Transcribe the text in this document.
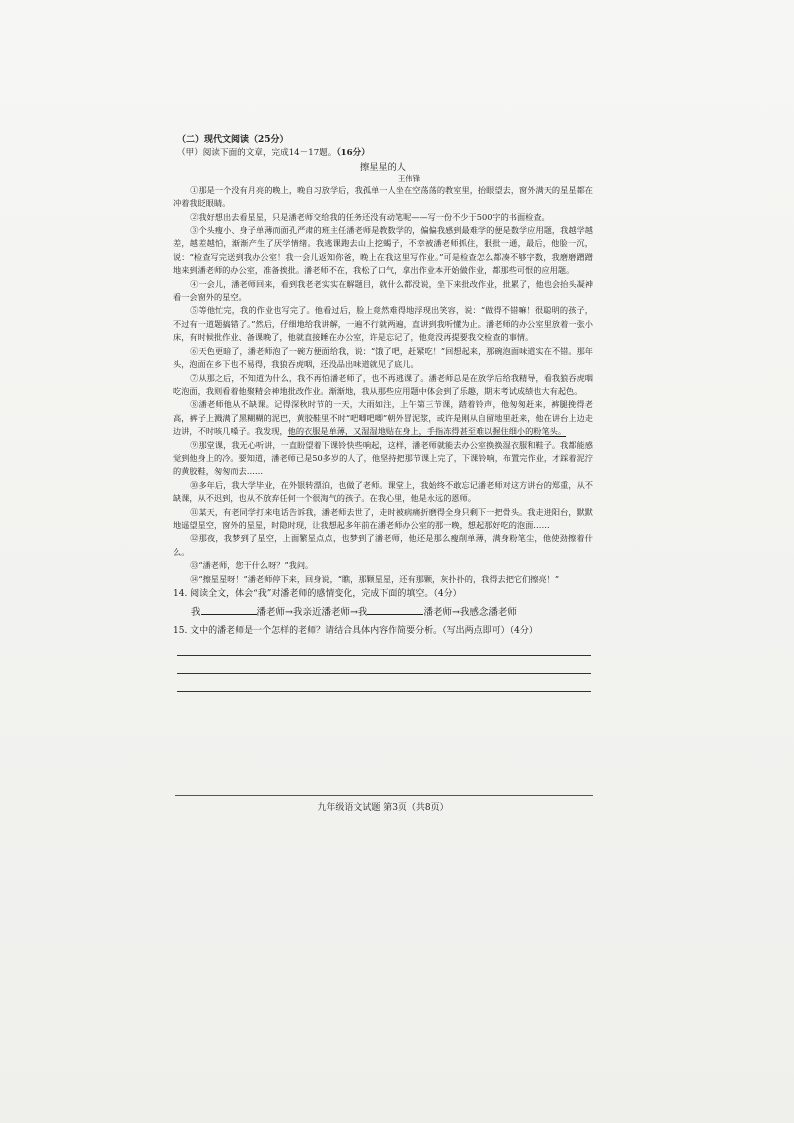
（二）现代文阅读（25分）
（甲）阅读下面的文章，完成14－17题。（16分）
擦星星的人
王伟锋

①那是一个没有月亮的晚上，晚自习放学后，我孤单一人坐在空荡荡的教室里，抬眼望去，窗外满天的星星都在冲着我眨眼睛。

②我好想出去看星星，只是潘老师交给我的任务还没有动笔呢——写一份不少于500字的书面检查。

③个头瘦小、身子单薄而面孔严肃的班主任潘老师是教数学的，偏偏我感到最难学的便是数学应用题，我越学越差，越差越怕，渐渐产生了厌学情绪。我逃课跑去山上挖蝎子，不幸被潘老师抓住，狠批一通，最后，他脸一沉，说：“检查写完送到我办公室！我一会儿返知你爸，晚上在我这里写作业。”可是检查怎么都凑不够字数，我磨磨蹭蹭地来到潘老师的办公室，准备挨批。潘老师不在，我松了口气，拿出作业本开始做作业，都那些可恨的应用题。

④一会儿，潘老师回来，看到我老老实实在解题目，就什么都没说，坐下来批改作业，批累了，他也会抬头凝神看一会窗外的星空。

⑤等他忙完，我的作业也写完了。他看过后，脸上竟然难得地浮现出笑容，说：“做得不错嘛！很聪明的孩子，不过有一道题搞错了。”然后，仔细地给我讲解，一遍不行就两遍，直讲到我听懂为止。潘老师的办公室里放着一张小床，有时候批作业、备课晚了，他就直接睡在办公室，许是忘记了，他竟没再提要我交检查的事情。

⑥天色更暗了，潘老师泡了一碗方便面给我，说：“饿了吧，赶紧吃！”回想起来，那碗泡面味道实在不错。那年头，泡面在乡下也不易得，我狼吞虎咽，还没品出味道就见了底儿。

⑦从那之后，不知道为什么，我不再怕潘老师了，也不再逃课了。潘老师总是在放学后给我精导，看我狼吞虎咽吃泡面，我则看着他聚精会神地批改作业。渐渐地，我从那些应用题中体会到了乐趣，期末考试成绩也大有起色。

⑧潘老师他从不缺课。记得深秋时节的一天，大雨如注，上午第三节课，踏着铃声，他匆匆赶来，裤腿挽得老高，裤子上溅满了黑糊糊的泥巴，黄胶鞋里不时“吧唧吧唧”朝外冒泥浆，或许是刚从自留地里赶来，他在讲台上边走边讲，不时咳几嗓子。我发现，他的衣服是单薄，又湿湿地贴在身上，手指冻得甚至难以握住细小的粉笔头。

⑨那堂课，我无心听讲，一直盼望着下课铃快些响起，这样，潘老师就能去办公室换换湿衣服和鞋子。我都能感觉到他身上的冷。要知道，潘老师已是50多岁的人了，他坚持把那节课上完了，下课铃响，布置完作业，才踩着泥泞的黄胶鞋，匆匆而去……

⑩多年后，我大学毕业，在外银转漂泊，也做了老师。课堂上，我始终不敢忘记潘老师对这方讲台的郑重，从不缺课，从不迟到，也从不放弃任何一个很淘气的孩子。在我心里，他是永远的恩师。

⑪某天，有老同学打来电话告诉我，潘老师去世了，走时被病痛折磨得全身只剩下一把骨头。我走进阳台，默默地遥望星空，窗外的星星，时隐时现，让我想起多年前在潘老师办公室的那一晚，想起那好吃的泡面……

⑫那夜，我梦到了星空，上面繁星点点，也梦到了潘老师，他还是那么瘦削单薄，满身粉笔尘，他使劲擦着什么。

⑬“潘老师，您干什么呀？”我问。

⑭“擦星星呀！”潘老师停下来，回身说，“瞧，那颗星星，还有那颗，灰扑扑的，我得去把它们擦亮！”

14. 阅读全文，体会“我”对潘老师的感情变化，完成下面的填空。（4分）
我	潘老师→我亲近潘老师→我	潘老师→我感念潘老师
15. 文中的潘老师是一个怎样的老师？请结合具体内容作简要分析。（写出两点即可）（4分）
九年级语文试题 第3页（共8页）
